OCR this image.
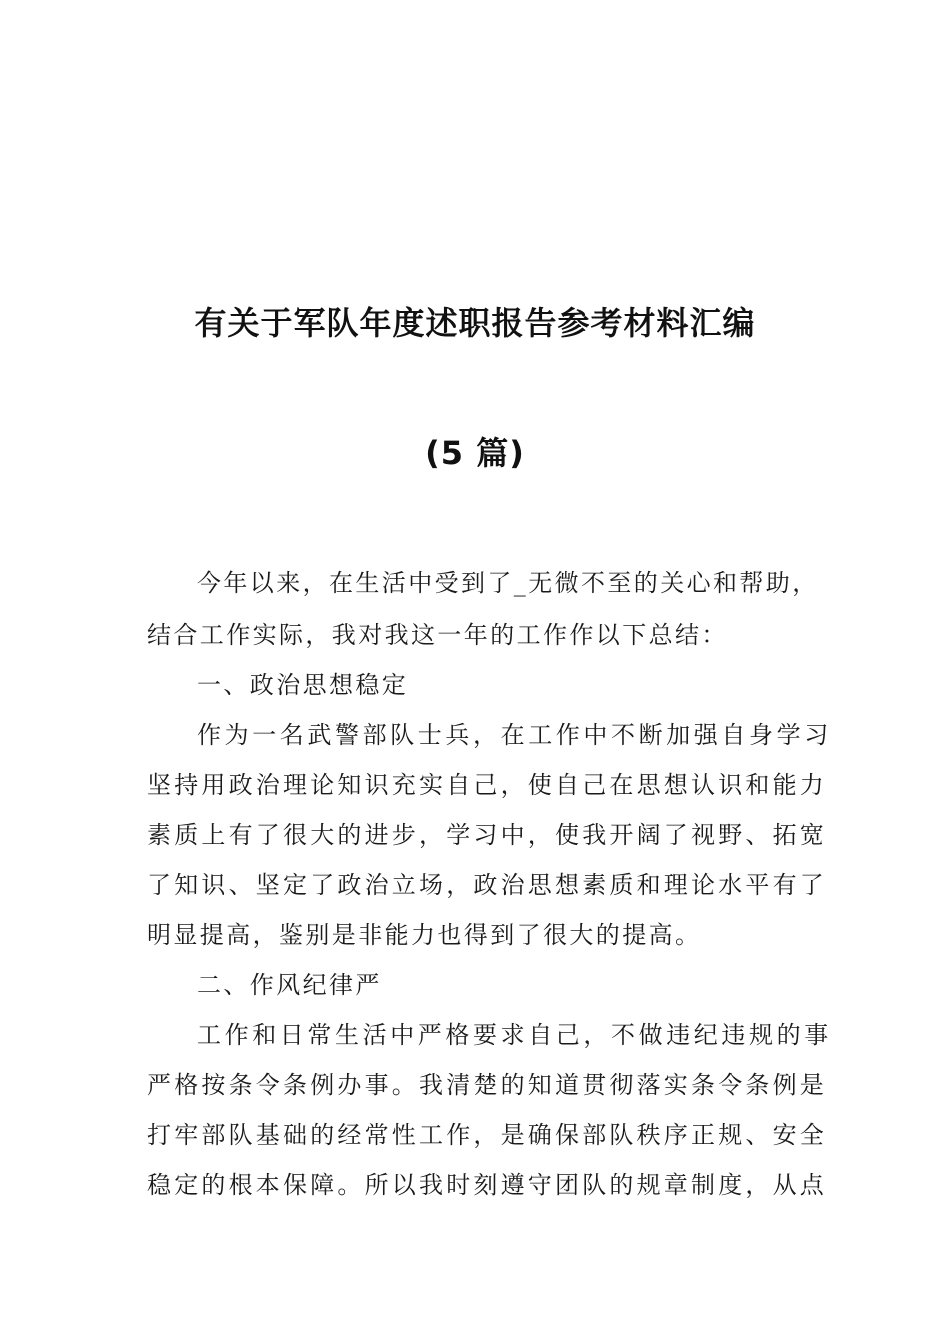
有关于军队年度述职报告参考材料汇编
(5 篇)
今年以来，在生活中受到了_无微不至的关心和帮助，
结合工作实际，我对我这一年的工作作以下总结：
一、政治思想稳定
作为一名武警部队士兵，在工作中不断加强自身学习
坚持用政治理论知识充实自己，使自己在思想认识和能力
素质上有了很大的进步，学习中，使我开阔了视野、拓宽
了知识、坚定了政治立场，政治思想素质和理论水平有了
明显提高，鉴别是非能力也得到了很大的提高。
二、作风纪律严
工作和日常生活中严格要求自己，不做违纪违规的事
严格按条令条例办事。我清楚的知道贯彻落实条令条例是
打牢部队基础的经常性工作，是确保部队秩序正规、安全
稳定的根本保障。所以我时刻遵守团队的规章制度，从点
